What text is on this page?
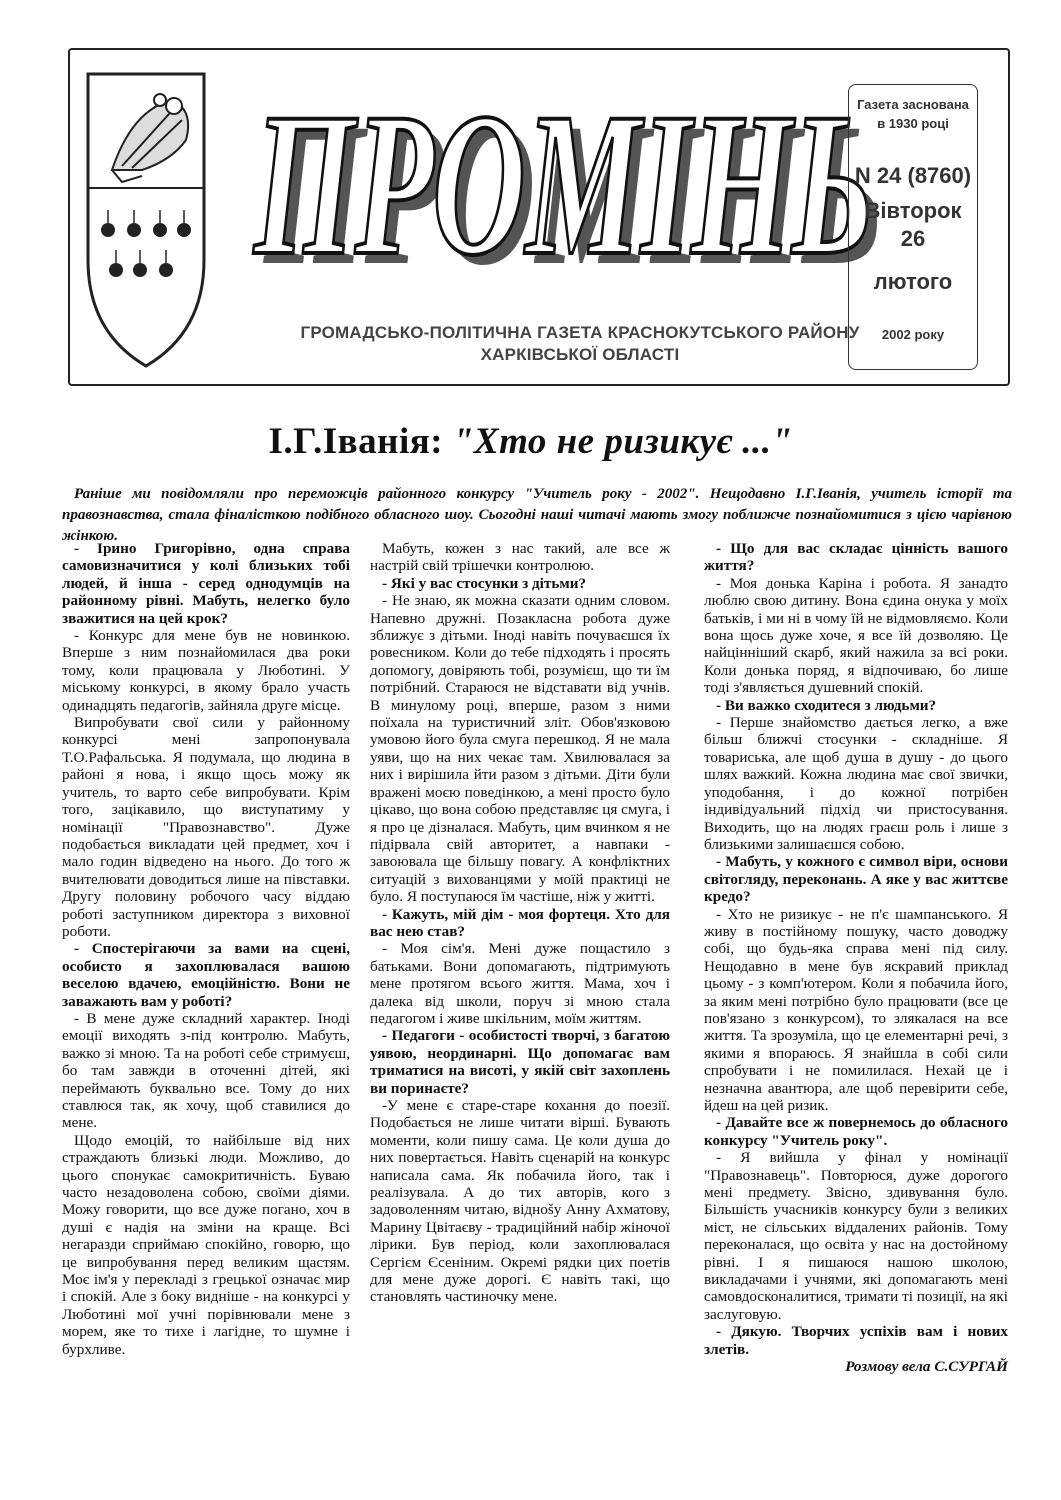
ПРОМІНЬ
ПРОМІНЬ
ГРОМАДСЬКО-ПОЛІТИЧНА ГАЗЕТА КРАСНОКУТСЬКОГО РАЙОНУ
ХАРКІВСЬКОЇ ОБЛАСТІ
Газета заснована
в 1930 році
N 24 (8760)
Вівторок
26
лютого
2002 року
І.Г.Іванія: "Хто не ризикує ..."
Раніше ми повідомляли про переможців районного конкурсу "Учитель року - 2002". Нещодавно І.Г.Іванія, учитель історії та правознавства, стала фіналісткою подібного обласного шоу. Сьогодні наші читачі мають змогу поближче познайомитися з цією чарівною жінкою.

- Ірино Григорівно, одна справа самовизначитися у колі близьких тобі людей, й інша - серед однодумців на районному рівні. Мабуть, нелегко було зважитися на цей крок?

- Конкурс для мене був не новинкою. Вперше з ним познайомилася два роки тому, коли працювала у Люботині. У міському конкурсі, в якому брало участь одинадцять педагогів, зайняла друге місце.

Випробувати свої сили у районному конкурсі мені запропонувала Т.О.Рафальська. Я подумала, що людина в районі я нова, і якщо щось можу як учитель, то варто себе випробувати. Крім того, зацікавило, що виступатиму у номінації "Правознавство". Дуже подобається викладати цей предмет, хоч і мало годин відведено на нього. До того ж вчителювати доводиться лише на півставки. Другу половину робочого часу віддаю роботі заступником директора з виховної роботи.

- Спостерігаючи за вами на сцені, особисто я захоплювалася вашою веселою вдачею, емоційністю. Вони не заважають вам у роботі?

- В мене дуже складний характер. Іноді емоції виходять з-під контролю. Мабуть, важко зі мною. Та на роботі себе стримуєш, бо там завжди в оточенні дітей, які переймають буквально все. Тому до них ставлюся так, як хочу, щоб ставилися до мене.

Щодо емоцій, то найбільше від них страждають близькі люди. Можливо, до цього спонукає самокритичність. Буваю часто незадоволена собою, своїми діями. Можу говорити, що все дуже погано, хоч в душі є надія на зміни на краще. Всі негаразди сприймаю спокійно, говорю, що це випробування перед великим щастям. Моє ім'я у перекладі з грецької означає мир і спокій. Але з боку видніше - на конкурсі у Люботині мої учні порівнювали мене з морем, яке то тихе і лагідне, то шумне і бурхливе.

Мабуть, кожен з нас такий, але все ж настрій свій трішечки контролюю.

- Які у вас стосунки з дітьми?

- Не знаю, як можна сказати одним словом. Напевно дружні. Позакласна робота дуже зближує з дітьми. Іноді навіть почуваєшся їх ровесником. Коли до тебе підходять і просять допомогу, довіряють тобі, розумієш, що ти їм потрібний. Стараюся не відставати від учнів. В минулому році, вперше, разом з ними поїхала на туристичний зліт. Обов'язковою умовою його була смуга перешкод. Я не мала уяви, що на них чекає там. Хвилювалася за них і вирішила йти разом з дітьми. Діти були вражені моєю поведінкою, а мені просто було цікаво, що вона собою представляє ця смуга, і я про це дізналася. Мабуть, цим вчинком я не підірвала свій авторитет, а навпаки - завоювала ще більшу повагу. А конфліктних ситуацій з вихованцями у моїй практиці не було. Я поступаюся їм частіше, ніж у житті.

- Кажуть, мій дім - моя фортеця. Хто для вас нею став?

- Моя сім'я. Мені дуже пощастило з батьками. Вони допомагають, підтримують мене протягом всього життя. Мама, хоч і далека від школи, поруч зі мною стала педагогом і живе шкільним, моїм життям.

- Педагоги - особистості творчі, з багатою уявою, неординарні. Що допомагає вам триматися на висоті, у якій світ захоплень ви поринаєте?

-У мене є старе-старе кохання до поезії. Подобається не лише читати вірші. Бувають моменти, коли пишу сама. Це коли душа до них повертається. Навіть сценарій на конкурс написала сама. Як побачила його, так і реалізувала. А до тих авторів, кого з задоволенням читаю, віднošу Анну Ахматову, Марину Цвітаєву - традиційний набір жіночої лірики. Був період, коли захоплювалася Сергієм Єсеніним. Окремі рядки цих поетів для мене дуже дорогі. Є навіть такі, що становлять частиночку мене.

- Що для вас складає цінність вашого життя?

- Моя донька Каріна і робота. Я занадто люблю свою дитину. Вона єдина онука у моїх батьків, і ми ні в чому їй не відмовляємо. Коли вона щось дуже хоче, я все їй дозволяю. Це найцінніший скарб, який нажила за всі роки. Коли донька поряд, я відпочиваю, бо лише тоді з'являється душевний спокій.

- Ви важко сходитеся з людьми?

- Перше знайомство дається легко, а вже більш ближчі стосунки - складніше. Я товариська, але щоб душа в душу - до цього шлях важкий. Кожна людина має свої звички, уподобання, і до кожної потрібен індивідуальний підхід чи пристосування. Виходить, що на людях граєш роль і лише з близькими залишаєшся собою.

- Мабуть, у кожного є символ віри, основи світогляду, переконань. А яке у вас життєве кредо?

- Хто не ризикує - не п'є шампанського. Я живу в постійному пошуку, часто доводжу собі, що будь-яка справа мені під силу. Нещодавно в мене був яскравий приклад цьому - з комп'ютером. Коли я побачила його, за яким мені потрібно було працювати (все це пов'язано з конкурсом), то злякалася на все життя. Та зрозуміла, що це елементарні речі, з якими я впораюсь. Я знайшла в собі сили спробувати і не помилилася. Нехай це і незначна авантюра, але щоб перевірити себе, йдеш на цей ризик.

- Давайте все ж повернемось до обласного конкурсу "Учитель року".

- Я вийшла у фінал у номінації "Правознавець". Повторюся, дуже дорогого мені предмету. Звісно, здивування було. Більшість учасників конкурсу були з великих міст, не сільських віддалених районів. Тому переконалася, що освіта у нас на достойному рівні. І я пишаюся нашою школою, викладачами і учнями, які допомагають мені самовдосконалитися, тримати ті позиції, на які заслуговую.

- Дякую. Творчих успіхів вам і нових злетів.

Розмову вела С.СУРГАЙ
